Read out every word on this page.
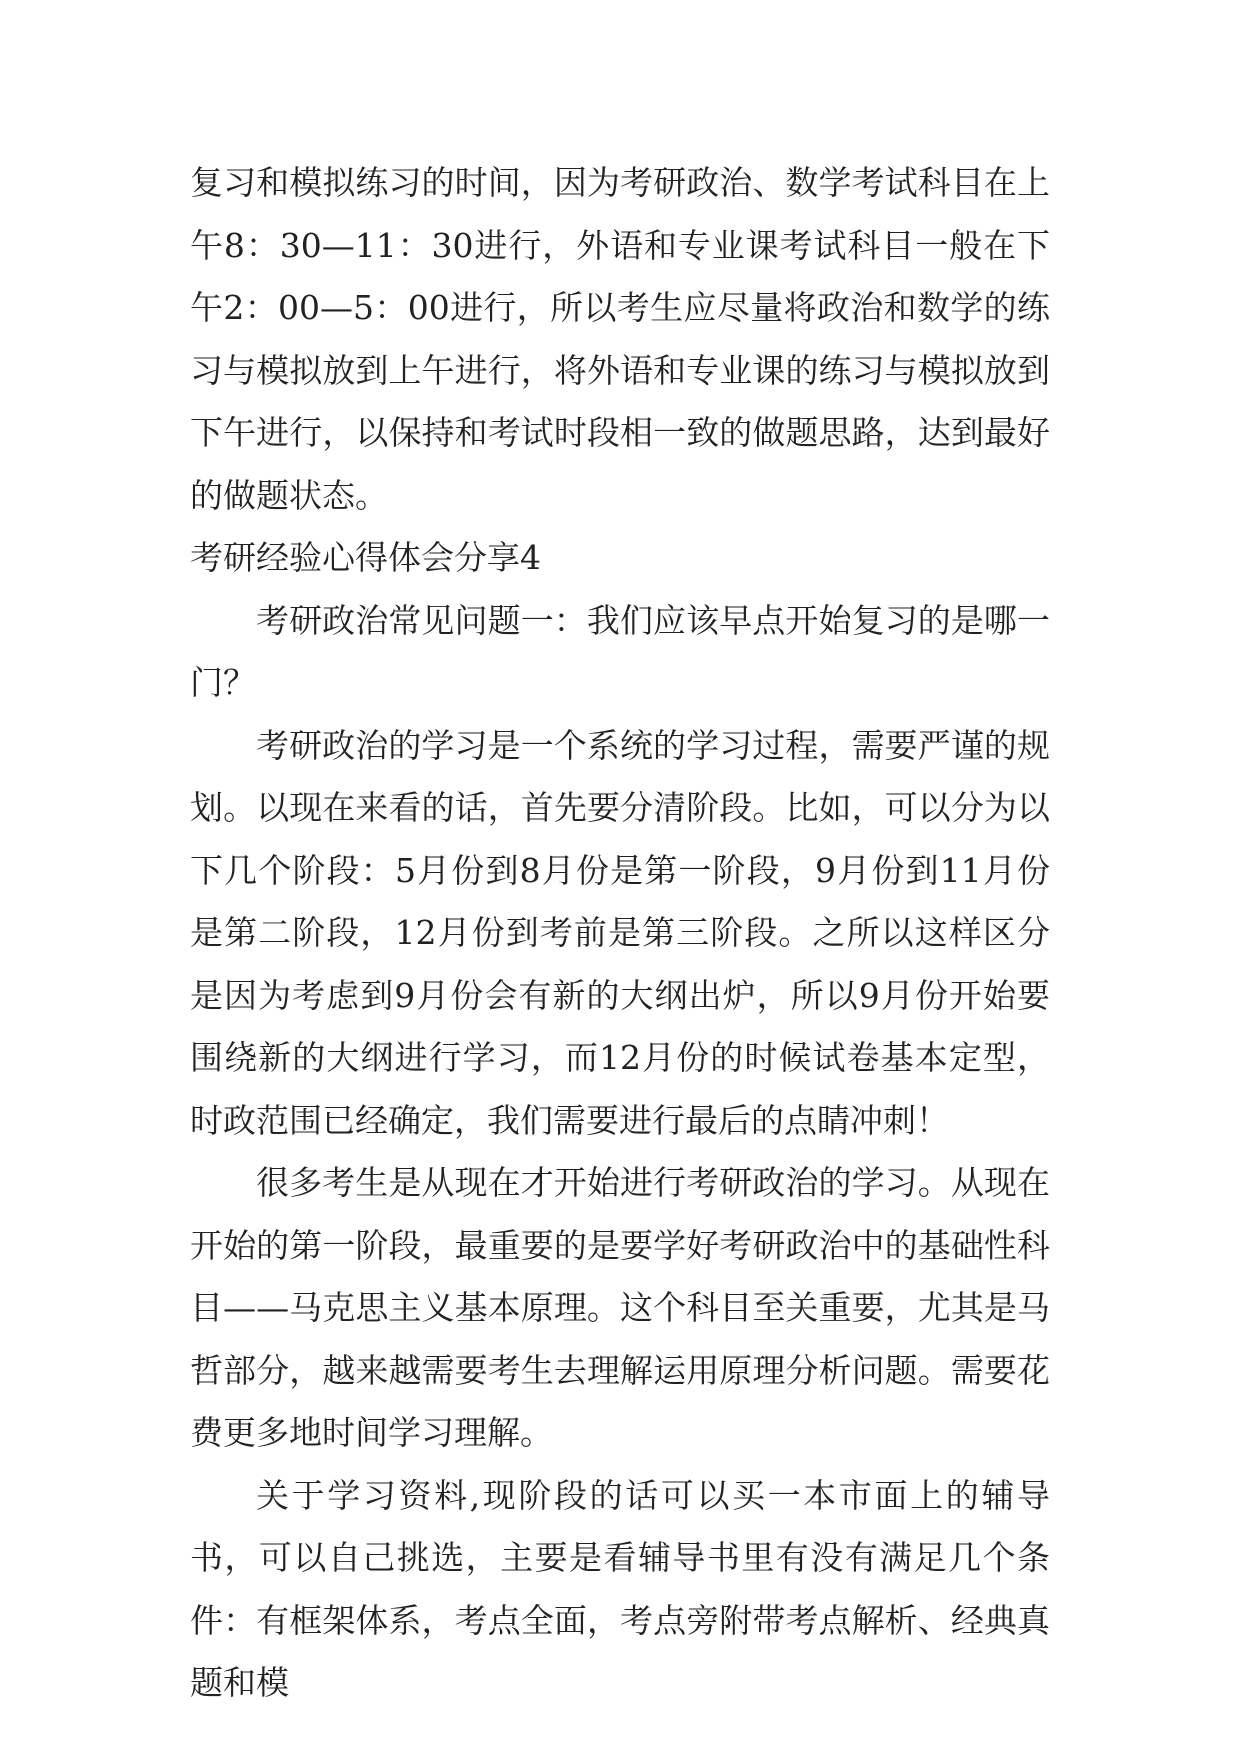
复习和模拟练习的时间，因为考研政治、数学考试科目在上午8：30—11：30进行，外语和专业课考试科目一般在下午2：00—5：00进行，所以考生应尽量将政治和数学的练习与模拟放到上午进行，将外语和专业课的练习与模拟放到下午进行，以保持和考试时段相一致的做题思路，达到最好的做题状态。

考研经验心得体会分享4

考研政治常见问题一：我们应该早点开始复习的是哪一门？

考研政治的学习是一个系统的学习过程，需要严谨的规划。以现在来看的话，首先要分清阶段。比如，可以分为以下几个阶段：5月份到8月份是第一阶段，9月份到11月份是第二阶段，12月份到考前是第三阶段。之所以这样区分是因为考虑到9月份会有新的大纲出炉，所以9月份开始要围绕新的大纲进行学习，而12月份的时候试卷基本定型，时政范围已经确定，我们需要进行最后的点睛冲刺！

很多考生是从现在才开始进行考研政治的学习。从现在开始的第一阶段，最重要的是要学好考研政治中的基础性科目——马克思主义基本原理。这个科目至关重要，尤其是马哲部分，越来越需要考生去理解运用原理分析问题。需要花费更多地时间学习理解。

关于学习资料,现阶段的话可以买一本市面上的辅导书，可以自己挑选，主要是看辅导书里有没有满足几个条件：有框架体系，考点全面，考点旁附带考点解析、经典真题和模
